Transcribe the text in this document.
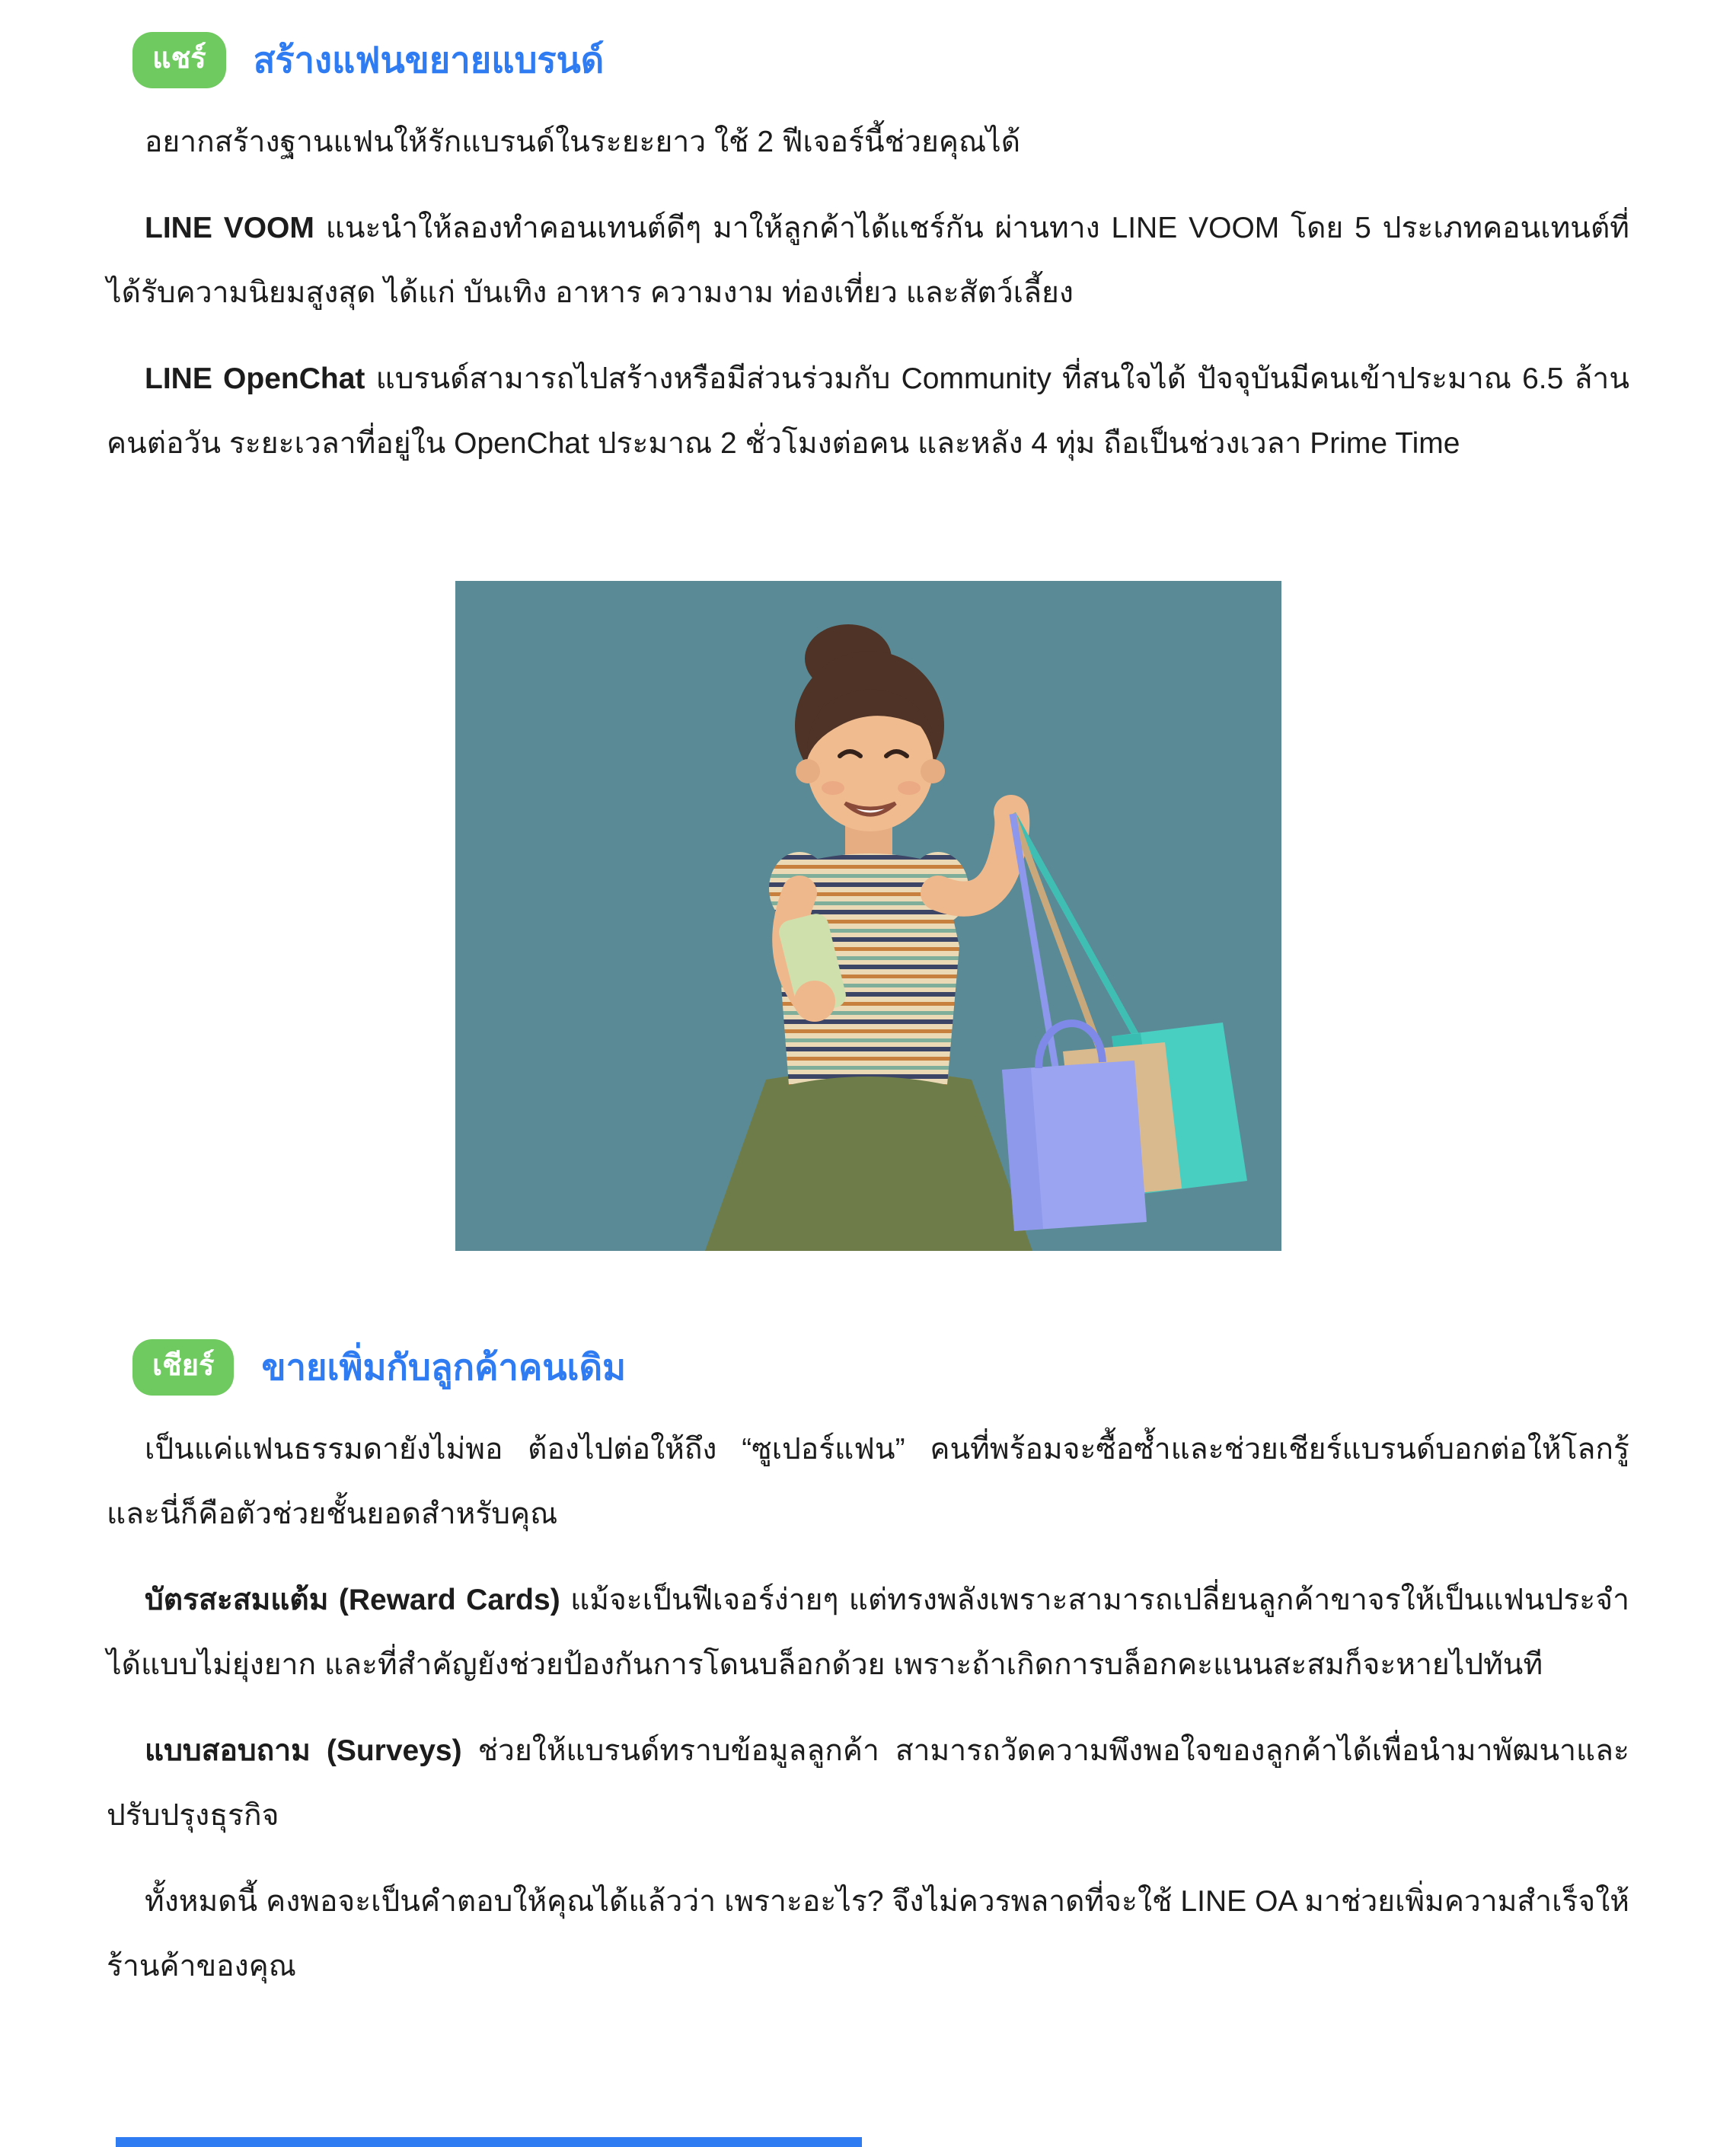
แชร์	สร้างแฟนขยายแบรนด์

อยากสร้างฐานแฟนให้รักแบรนด์ในระยะยาว ใช้ 2 ฟีเจอร์นี้ช่วยคุณได้

LINE VOOM แนะนำให้ลองทำคอนเทนต์ดีๆ มาให้ลูกค้าได้แชร์กัน ผ่านทาง LINE VOOM โดย 5 ประเภทคอนเทนต์ที่ได้รับความนิยมสูงสุด ได้แก่ บันเทิง อาหาร ความงาม ท่องเที่ยว และสัตว์เลี้ยง

LINE OpenChat แบรนด์สามารถไปสร้างหรือมีส่วนร่วมกับ Community ที่สนใจได้ ปัจจุบันมีคนเข้าประมาณ 6.5 ล้านคนต่อวัน ระยะเวลาที่อยู่ใน OpenChat ประมาณ 2 ชั่วโมงต่อคน และหลัง 4 ทุ่ม ถือเป็นช่วงเวลา Prime Time

เชียร์	ขายเพิ่มกับลูกค้าคนเดิม

เป็นแค่แฟนธรรมดายังไม่พอ ต้องไปต่อให้ถึง “ซูเปอร์แฟน” คนที่พร้อมจะซื้อซ้ำและช่วยเชียร์แบรนด์บอกต่อให้โลกรู้ และนี่ก็คือตัวช่วยชั้นยอดสำหรับคุณ

บัตรสะสมแต้ม (Reward Cards) แม้จะเป็นฟีเจอร์ง่ายๆ แต่ทรงพลังเพราะสามารถเปลี่ยนลูกค้าขาจรให้เป็นแฟนประจำได้แบบไม่ยุ่งยาก และที่สำคัญยังช่วยป้องกันการโดนบล็อกด้วย เพราะถ้าเกิดการบล็อกคะแนนสะสมก็จะหายไปทันที

แบบสอบถาม (Surveys) ช่วยให้แบรนด์ทราบข้อมูลลูกค้า สามารถวัดความพึงพอใจของลูกค้าได้เพื่อนำมาพัฒนาและปรับปรุงธุรกิจ

ทั้งหมดนี้ คงพอจะเป็นคำตอบให้คุณได้แล้วว่า เพราะอะไร? จึงไม่ควรพลาดที่จะใช้ LINE OA มาช่วยเพิ่มความสำเร็จให้ร้านค้าของคุณ
